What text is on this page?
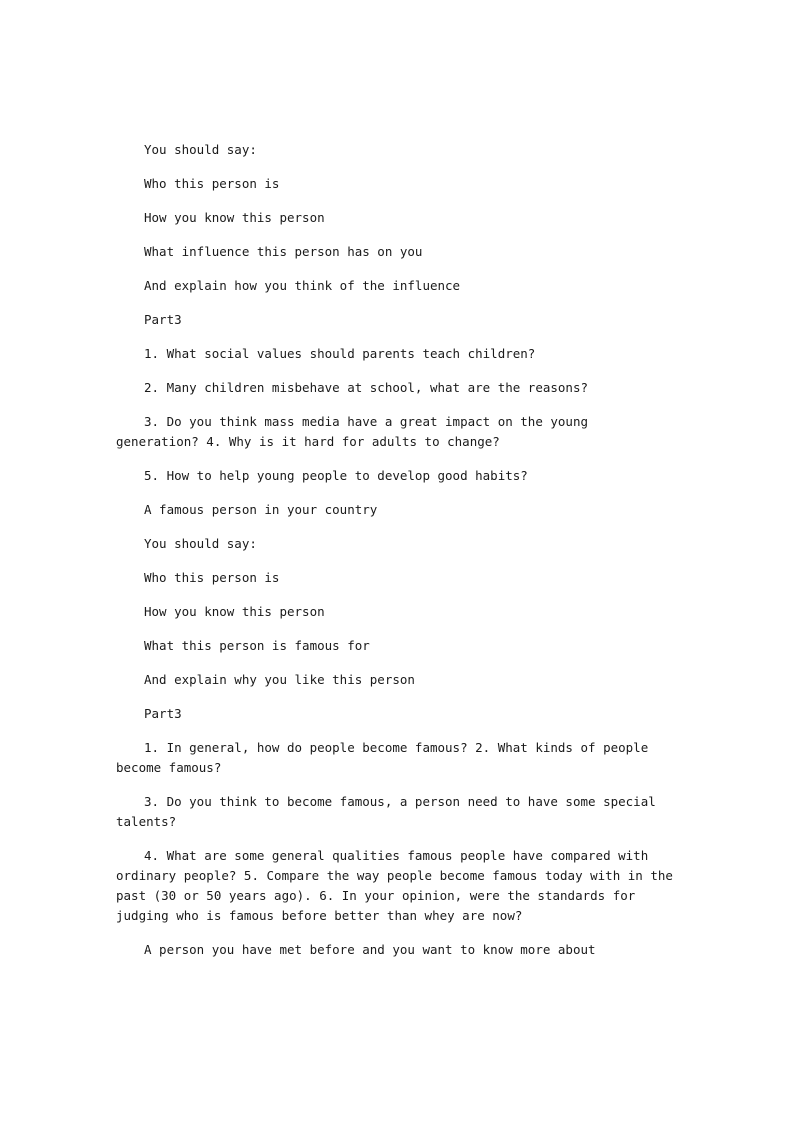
You should say:

Who this person is

How you know this person

What influence this person has on you

And explain how you think of the influence

Part3

1. What social values should parents teach children?

2. Many children misbehave at school, what are the reasons?

3. Do you think mass media have a great impact on the young generation? 4. Why is it hard for adults to change?

5. How to help young people to develop good habits?

A famous person in your country

You should say:

Who this person is

How you know this person

What this person is famous for

And explain why you like this person

Part3

1. In general, how do people become famous? 2. What kinds of people become famous?

3. Do you think to become famous, a person need to have some special talents?

4. What are some general qualities famous people have compared with ordinary people? 5. Compare the way people become famous today with in the past (30 or 50 years ago). 6. In your opinion, were the standards for judging who is famous before better than whey are now?

A person you have met before and you want to know more about
